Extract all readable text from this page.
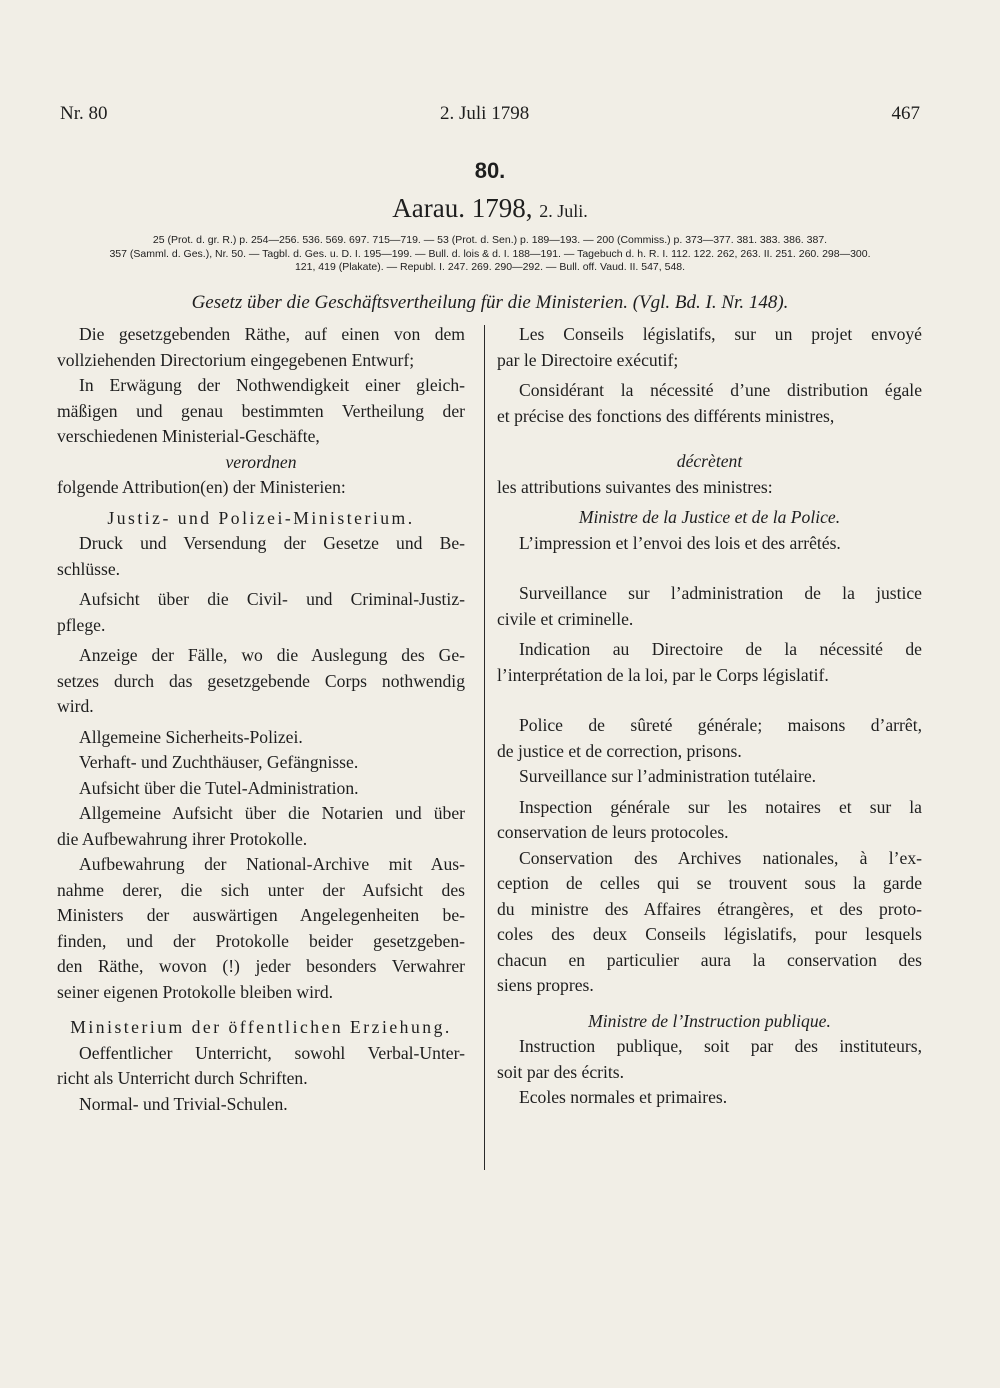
Nr. 80	2. Juli 1798	467
80.
Aarau. 1798, 2. Juli.
25 (Prot. d. gr. R.) p. 254—256. 536. 569. 697. 715—719. — 53 (Prot. d. Sen.) p. 189—193. — 200 (Commiss.) p. 373—377. 381. 383. 386. 387.
357 (Samml. d. Ges.), Nr. 50. — Tagbl. d. Ges. u. D. I. 195—199. — Bull. d. lois & d. I. 188—191. — Tagebuch d. h. R. I. 112. 122. 262, 263. II. 251. 260. 298—300.
121, 419 (Plakate). — Republ. I. 247. 269. 290—292. — Bull. off. Vaud. II. 547, 548.
Gesetz über die Geschäftsvertheilung für die Ministerien. (Vgl. Bd. I. Nr. 148).
Die gesetzgebenden Räthe, auf einen von dem
vollziehenden Directorium eingegebenen Entwurf;
In Erwägung der Nothwendigkeit einer gleich-
mäßigen und genau bestimmten Vertheilung der
verschiedenen Ministerial-Geschäfte,
verordnen
folgende Attribution(en) der Ministerien:
Justiz- und Polizei-Ministerium.
Druck und Versendung der Gesetze und Be-
schlüsse.
Aufsicht über die Civil- und Criminal-Justiz-
pflege.
Anzeige der Fälle, wo die Auslegung des Ge-
setzes durch das gesetzgebende Corps nothwendig
wird.
Allgemeine Sicherheits-Polizei.
Verhaft- und Zuchthäuser, Gefängnisse.
Aufsicht über die Tutel-Administration.
Allgemeine Aufsicht über die Notarien und über
die Aufbewahrung ihrer Protokolle.
Aufbewahrung der National-Archive mit Aus-
nahme derer, die sich unter der Aufsicht des
Ministers der auswärtigen Angelegenheiten be-
finden, und der Protokolle beider gesetzgeben-
den Räthe, wovon (!) jeder besonders Verwahrer
seiner eigenen Protokolle bleiben wird.
Ministerium der öffentlichen Erziehung.
Oeffentlicher Unterricht, sowohl Verbal-Unter-
richt als Unterricht durch Schriften.
Normal- und Trivial-Schulen.
Les Conseils législatifs, sur un projet envoyé
par le Directoire exécutif;
Considérant la nécessité d’une distribution égale
et précise des fonctions des différents ministres,
décrètent
les attributions suivantes des ministres:
Ministre de la Justice et de la Police.
L’impression et l’envoi des lois et des arrêtés.
Surveillance sur l’administration de la justice
civile et criminelle.
Indication au Directoire de la nécessité de
l’interprétation de la loi, par le Corps législatif.
Police de sûreté générale; maisons d’arrêt,
de justice et de correction, prisons.
Surveillance sur l’administration tutélaire.
Inspection générale sur les notaires et sur la
conservation de leurs protocoles.
Conservation des Archives nationales, à l’ex-
ception de celles qui se trouvent sous la garde
du ministre des Affaires étrangères, et des proto-
coles des deux Conseils législatifs, pour lesquels
chacun en particulier aura la conservation des
siens propres.
Ministre de l’Instruction publique.
Instruction publique, soit par des instituteurs,
soit par des écrits.
Ecoles normales et primaires.
